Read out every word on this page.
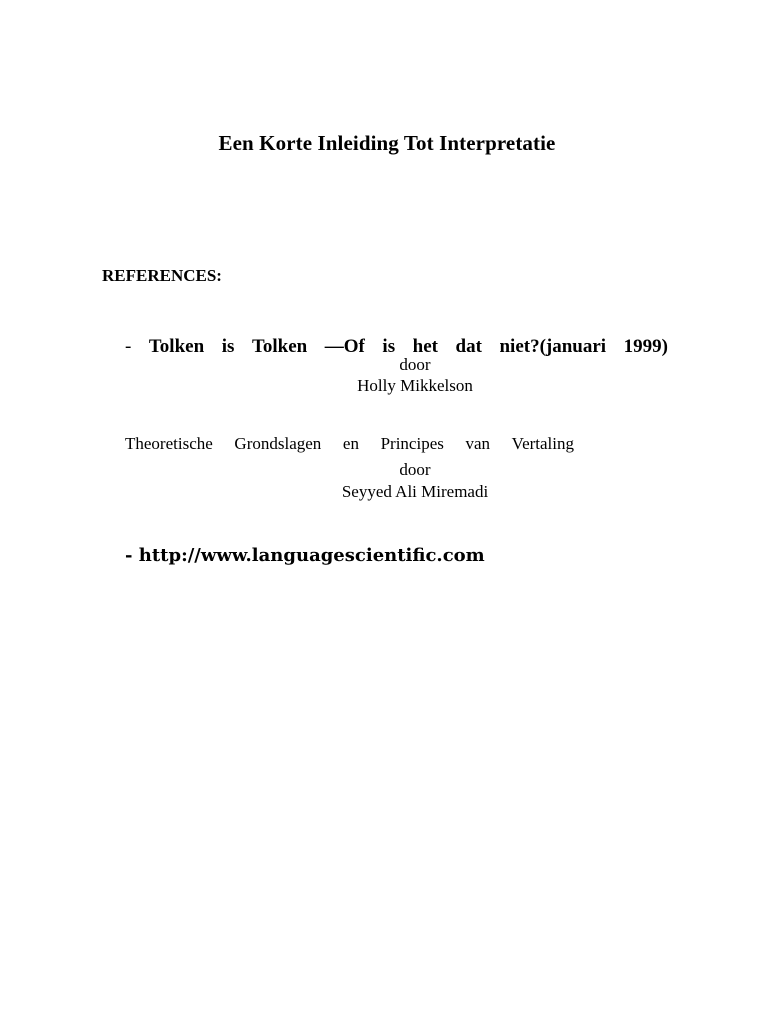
Een Korte Inleiding Tot Interpretatie
REFERENCES:
- Tolken is Tolken —Of is het dat niet?(januari 1999)
door
Holly Mikkelson
Theoretische Grondslagen en Principes van Vertaling
door
Seyyed Ali Miremadi
- http://www.languagescientific.com
